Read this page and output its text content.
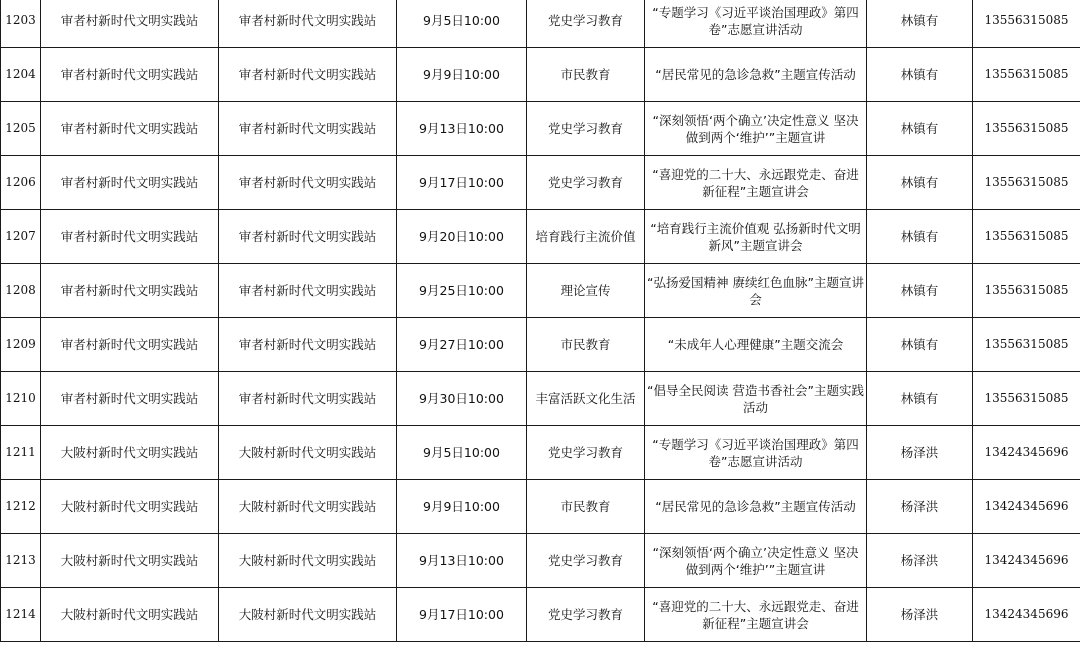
1203	审者村新时代文明实践站	审者村新时代文明实践站	9月5日10:00	党史学习教育	“专题学习《习近平谈治国理政》第四卷”志愿宣讲活动	林镇有	13556315085
1204	审者村新时代文明实践站	审者村新时代文明实践站	9月9日10:00	市民教育	“居民常见的急诊急救”主题宣传活动	林镇有	13556315085
1205	审者村新时代文明实践站	审者村新时代文明实践站	9月13日10:00	党史学习教育	“深刻领悟‘两个确立’决定性意义 坚决做到两个‘维护’”主题宣讲	林镇有	13556315085
1206	审者村新时代文明实践站	审者村新时代文明实践站	9月17日10:00	党史学习教育	“喜迎党的二十大、永远跟党走、奋进新征程”主题宣讲会	林镇有	13556315085
1207	审者村新时代文明实践站	审者村新时代文明实践站	9月20日10:00	培育践行主流价值	“培育践行主流价值观 弘扬新时代文明新风”主题宣讲会	林镇有	13556315085
1208	审者村新时代文明实践站	审者村新时代文明实践站	9月25日10:00	理论宣传	“弘扬爱国精神 赓续红色血脉”主题宣讲会	林镇有	13556315085
1209	审者村新时代文明实践站	审者村新时代文明实践站	9月27日10:00	市民教育	“未成年人心理健康”主题交流会	林镇有	13556315085
1210	审者村新时代文明实践站	审者村新时代文明实践站	9月30日10:00	丰富活跃文化生活	“倡导全民阅读 营造书香社会”主题实践活动	林镇有	13556315085
1211	大陂村新时代文明实践站	大陂村新时代文明实践站	9月5日10:00	党史学习教育	“专题学习《习近平谈治国理政》第四卷”志愿宣讲活动	杨泽洪	13424345696
1212	大陂村新时代文明实践站	大陂村新时代文明实践站	9月9日10:00	市民教育	“居民常见的急诊急救”主题宣传活动	杨泽洪	13424345696
1213	大陂村新时代文明实践站	大陂村新时代文明实践站	9月13日10:00	党史学习教育	“深刻领悟‘两个确立’决定性意义 坚决做到两个‘维护’”主题宣讲	杨泽洪	13424345696
1214	大陂村新时代文明实践站	大陂村新时代文明实践站	9月17日10:00	党史学习教育	“喜迎党的二十大、永远跟党走、奋进新征程”主题宣讲会	杨泽洪	13424345696
